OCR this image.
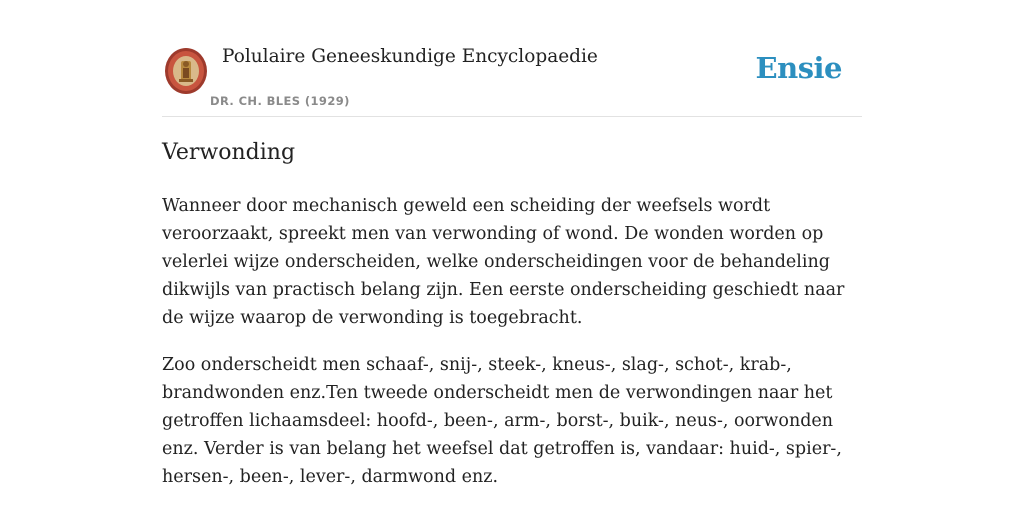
Polulaire Geneeskundige Encyclopaedie
DR. CH. BLES (1929)
Ensie
Verwonding

Wanneer door mechanisch geweld een scheiding der weefsels wordt veroorzaakt, spreekt men van verwonding of wond. De wonden worden op velerlei wijze onderscheiden, welke onderscheidingen voor de behandeling dikwijls van practisch belang zijn. Een eerste onderscheiding geschiedt naar de wijze waarop de verwonding is toegebracht.

Zoo onderscheidt men schaaf-, snij-, steek-, kneus-, slag-, schot-, krab-, brandwonden enz.Ten tweede onderscheidt men de verwondingen naar het getroffen lichaamsdeel: hoofd-, been-, arm-, borst-, buik-, neus-, oorwonden enz. Verder is van belang het weefsel dat getroffen is, vandaar: huid-, spier-, hersen-, been-, lever-, darmwond enz.
